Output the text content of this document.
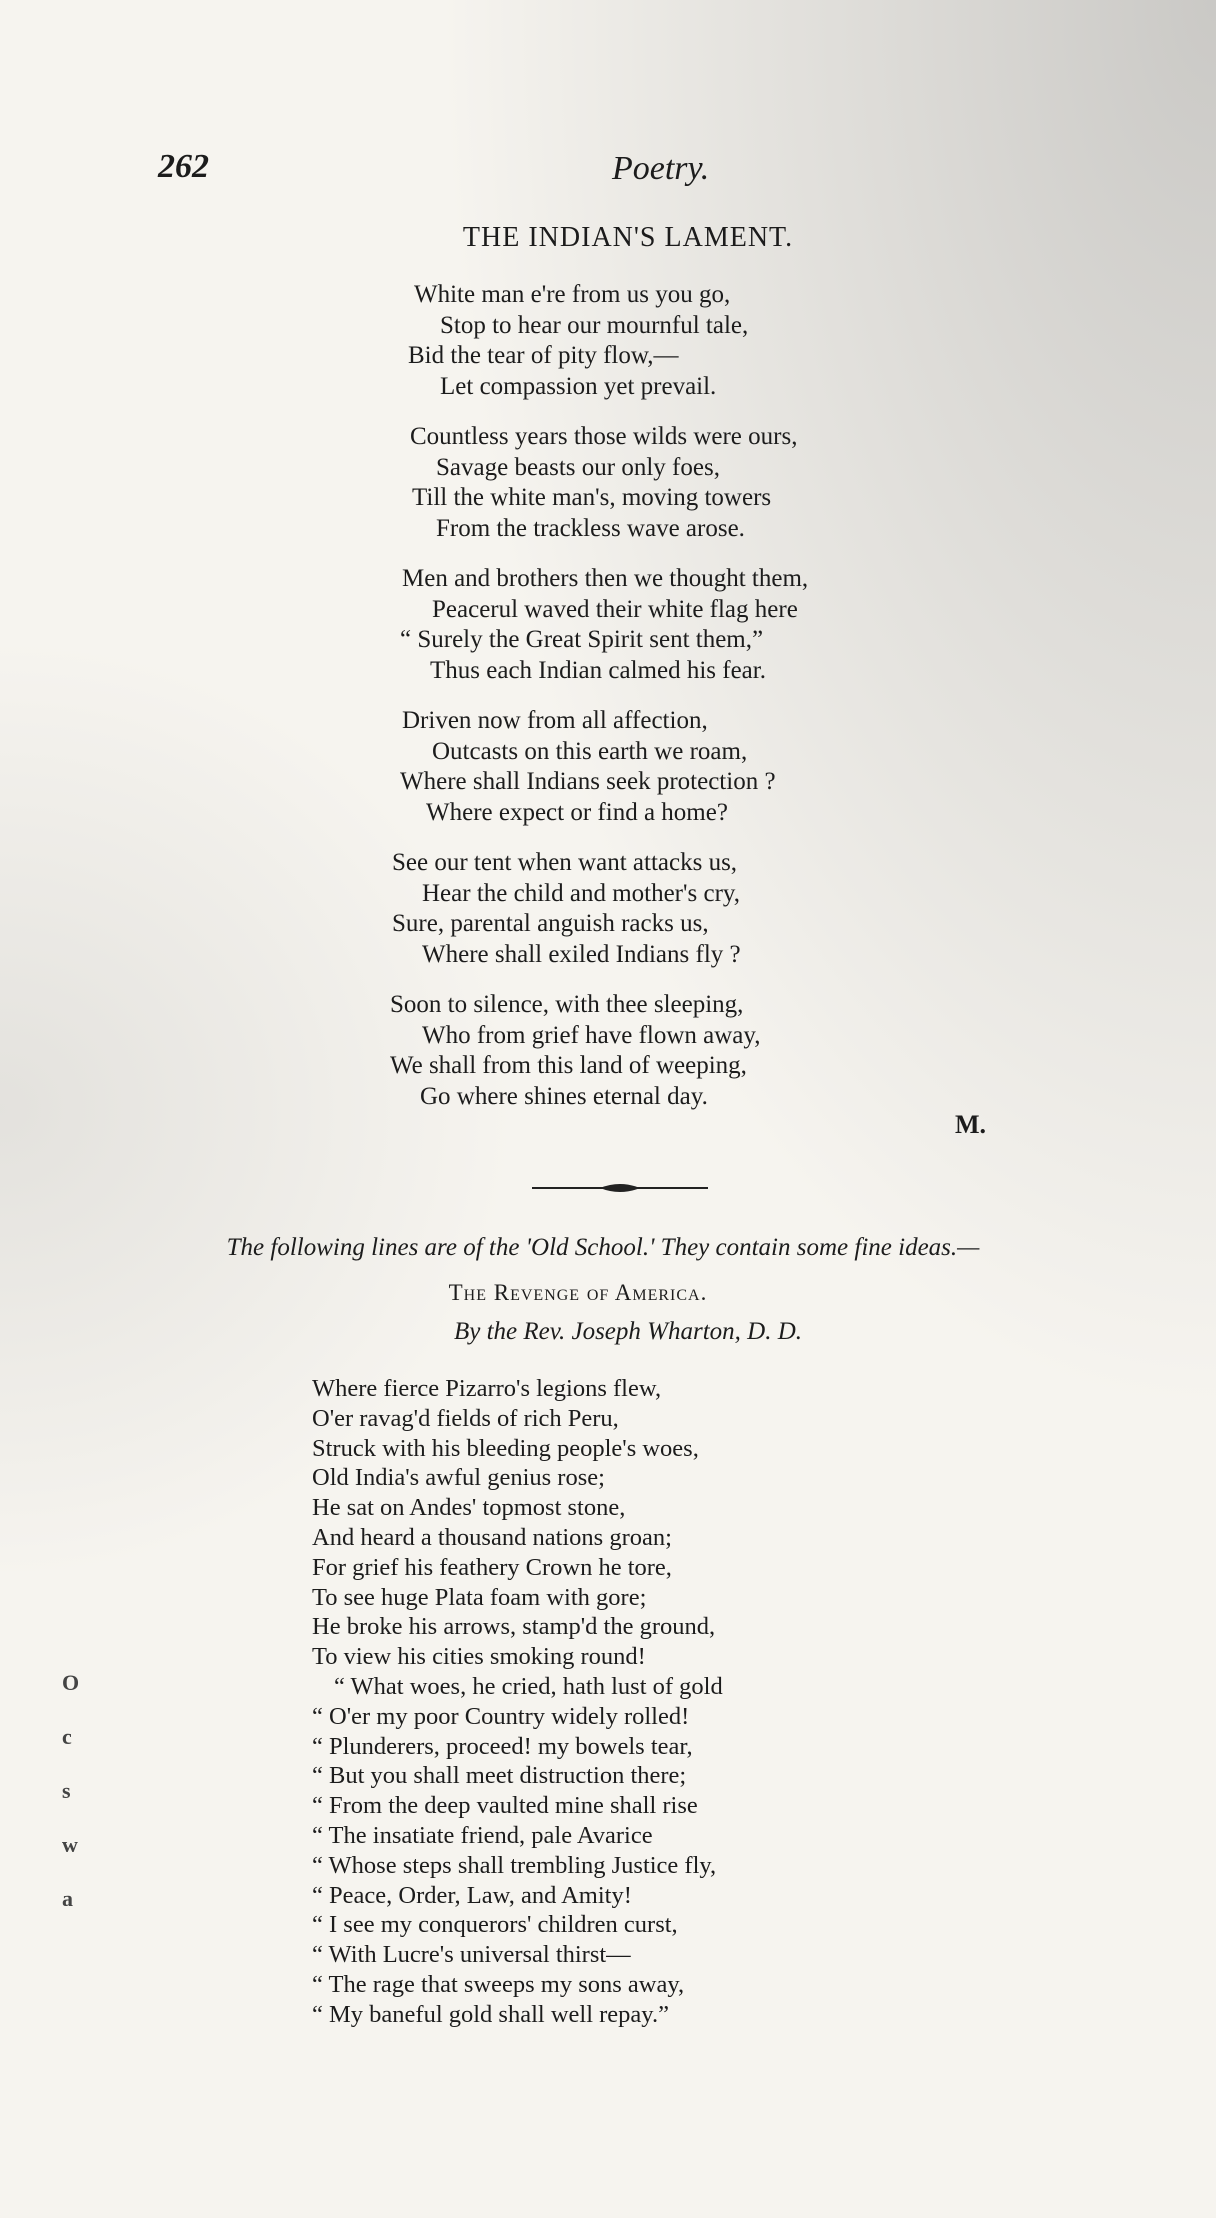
262	Poetry.
THE INDIAN'S LAMENT.
White man e're from us you go,
Stop to hear our mournful tale,
Bid the tear of pity flow,—
Let compassion yet prevail.
Countless years those wilds were ours,
Savage beasts our only foes,
Till the white man's, moving towers
From the trackless wave arose.
Men and brothers then we thought them,
Peacerul waved their white flag here
“ Surely the Great Spirit sent them,”
Thus each Indian calmed his fear.
Driven now from all affection,
Outcasts on this earth we roam,
Where shall Indians seek protection ?
Where expect or find a home?
See our tent when want attacks us,
Hear the child and mother's cry,
Sure, parental anguish racks us,
Where shall exiled Indians fly ?
Soon to silence, with thee sleeping,
Who from grief have flown away,
We shall from this land of weeping,
Go where shines eternal day.
M.
The following lines are of the 'Old School.' They contain some fine ideas.—
The Revenge of America.
By the Rev. Joseph Wharton, D. D.
Where fierce Pizarro's legions flew,
O'er ravag'd fields of rich Peru,
Struck with his bleeding people's woes,
Old India's awful genius rose;
He sat on Andes' topmost stone,
And heard a thousand nations groan;
For grief his feathery Crown he tore,
To see huge Plata foam with gore;
He broke his arrows, stamp'd the ground,
To view his cities smoking round!
“ What woes, he cried, hath lust of gold
“ O'er my poor Country widely rolled!
“ Plunderers, proceed! my bowels tear,
“ But you shall meet distruction there;
“ From the deep vaulted mine shall rise
“ The insatiate friend, pale Avarice
“ Whose steps shall trembling Justice fly,
“ Peace, Order, Law, and Amity!
“ I see my conquerors' children curst,
“ With Lucre's universal thirst—
“ The rage that sweeps my sons away,
“ My baneful gold shall well repay.”
O
c
s
w
a
